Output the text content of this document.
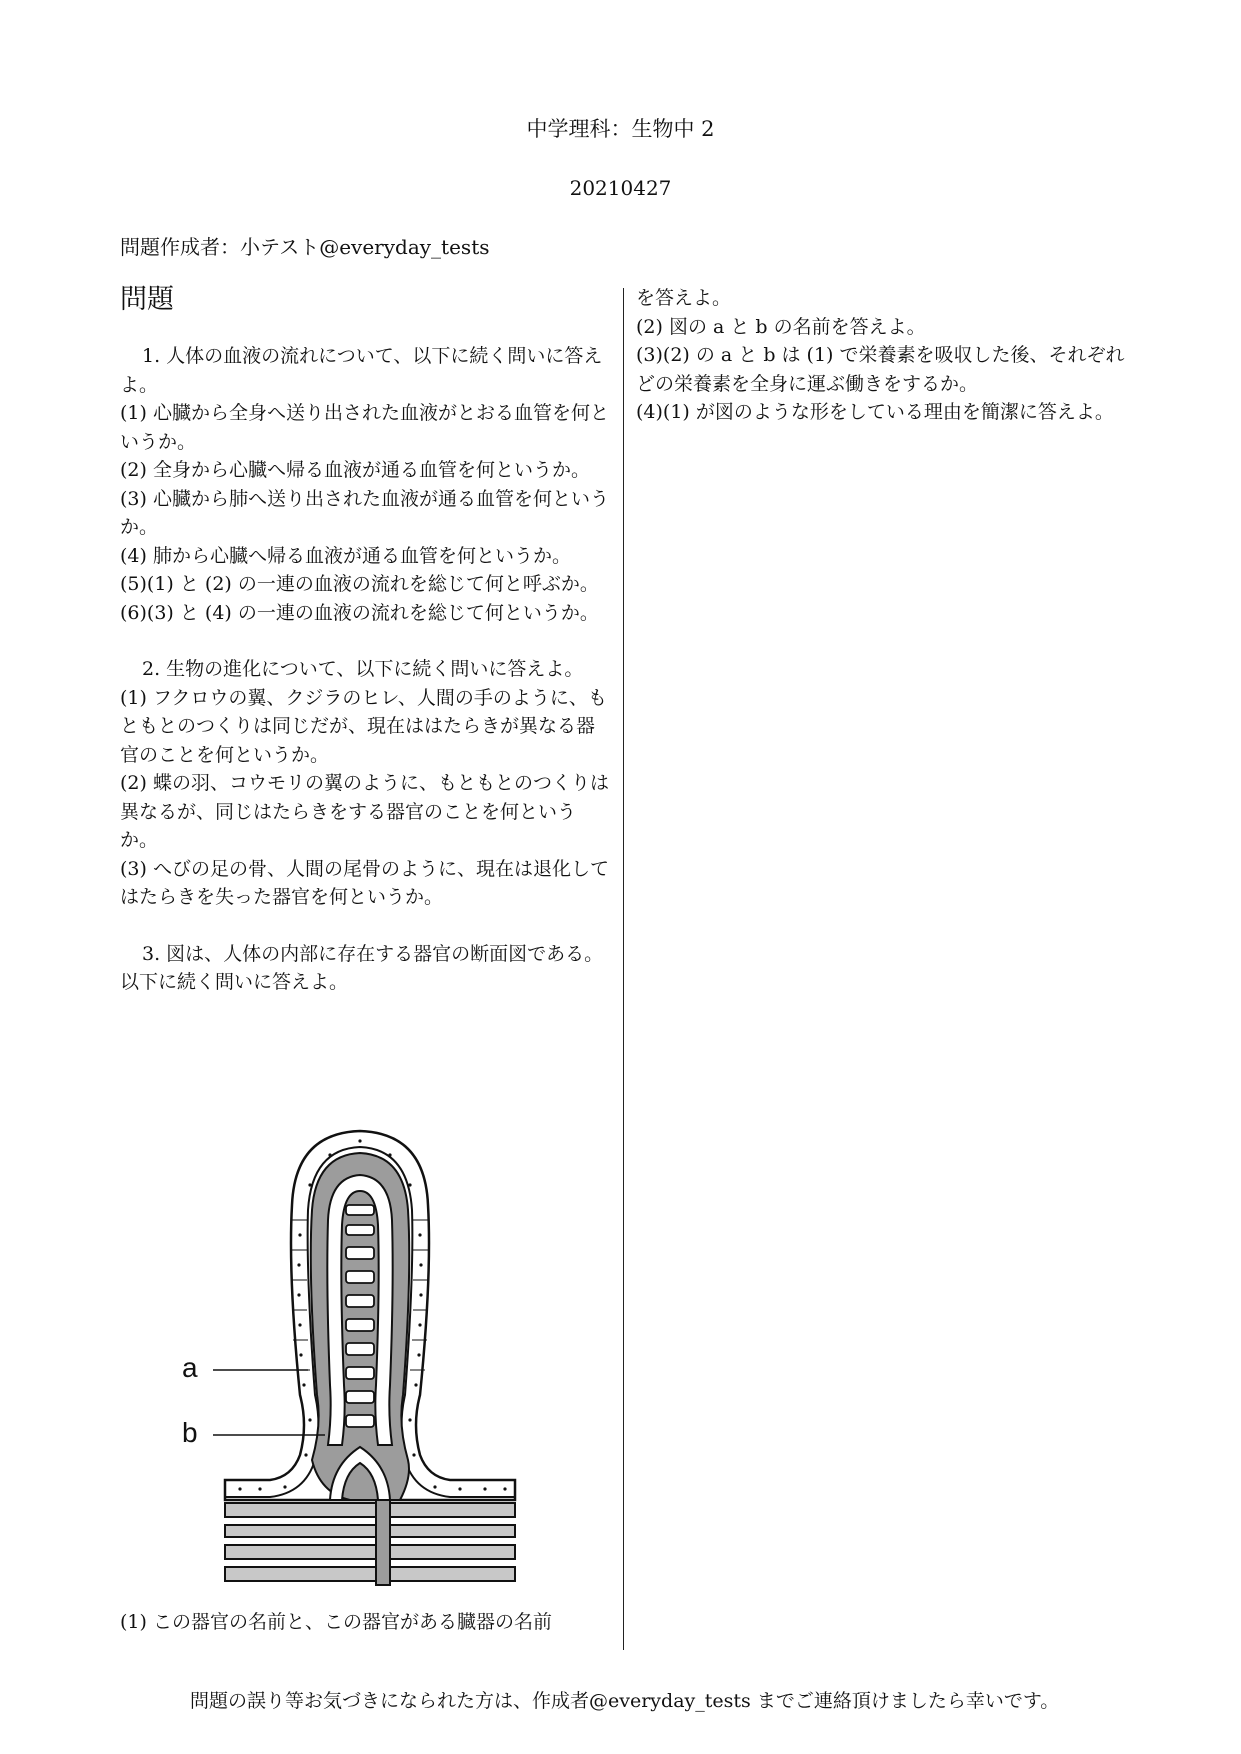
中学理科：生物中 2
20210427
問題作成者：小テスト@everyday_tests
問題
1. 人体の血液の流れについて、以下に続く問いに答えよ。
(1) 心臓から全身へ送り出された血液がとおる血管を何というか。
(2) 全身から心臓へ帰る血液が通る血管を何というか。
(3) 心臓から肺へ送り出された血液が通る血管を何というか。
(4) 肺から心臓へ帰る血液が通る血管を何というか。
(5)(1) と (2) の一連の血液の流れを総じて何と呼ぶか。
(6)(3) と (4) の一連の血液の流れを総じて何というか。
2. 生物の進化について、以下に続く問いに答えよ。
(1) フクロウの翼、クジラのヒレ、人間の手のように、もともとのつくりは同じだが、現在ははたらきが異なる器官のことを何というか。
(2) 蝶の羽、コウモリの翼のように、もともとのつくりは異なるが、同じはたらきをする器官のことを何というか。
(3) へびの足の骨、人間の尾骨のように、現在は退化してはたらきを失った器官を何というか。
3. 図は、人体の内部に存在する器官の断面図である。以下に続く問いに答えよ。
a
b
(1) この器官の名前と、この器官がある臓器の名前
を答えよ。
(2) 図の a と b の名前を答えよ。
(3)(2) の a と b は (1) で栄養素を吸収した後、それぞれどの栄養素を全身に運ぶ働きをするか。
(4)(1) が図のような形をしている理由を簡潔に答えよ。
問題の誤り等お気づきになられた方は、作成者@everyday_tests までご連絡頂けましたら幸いです。
